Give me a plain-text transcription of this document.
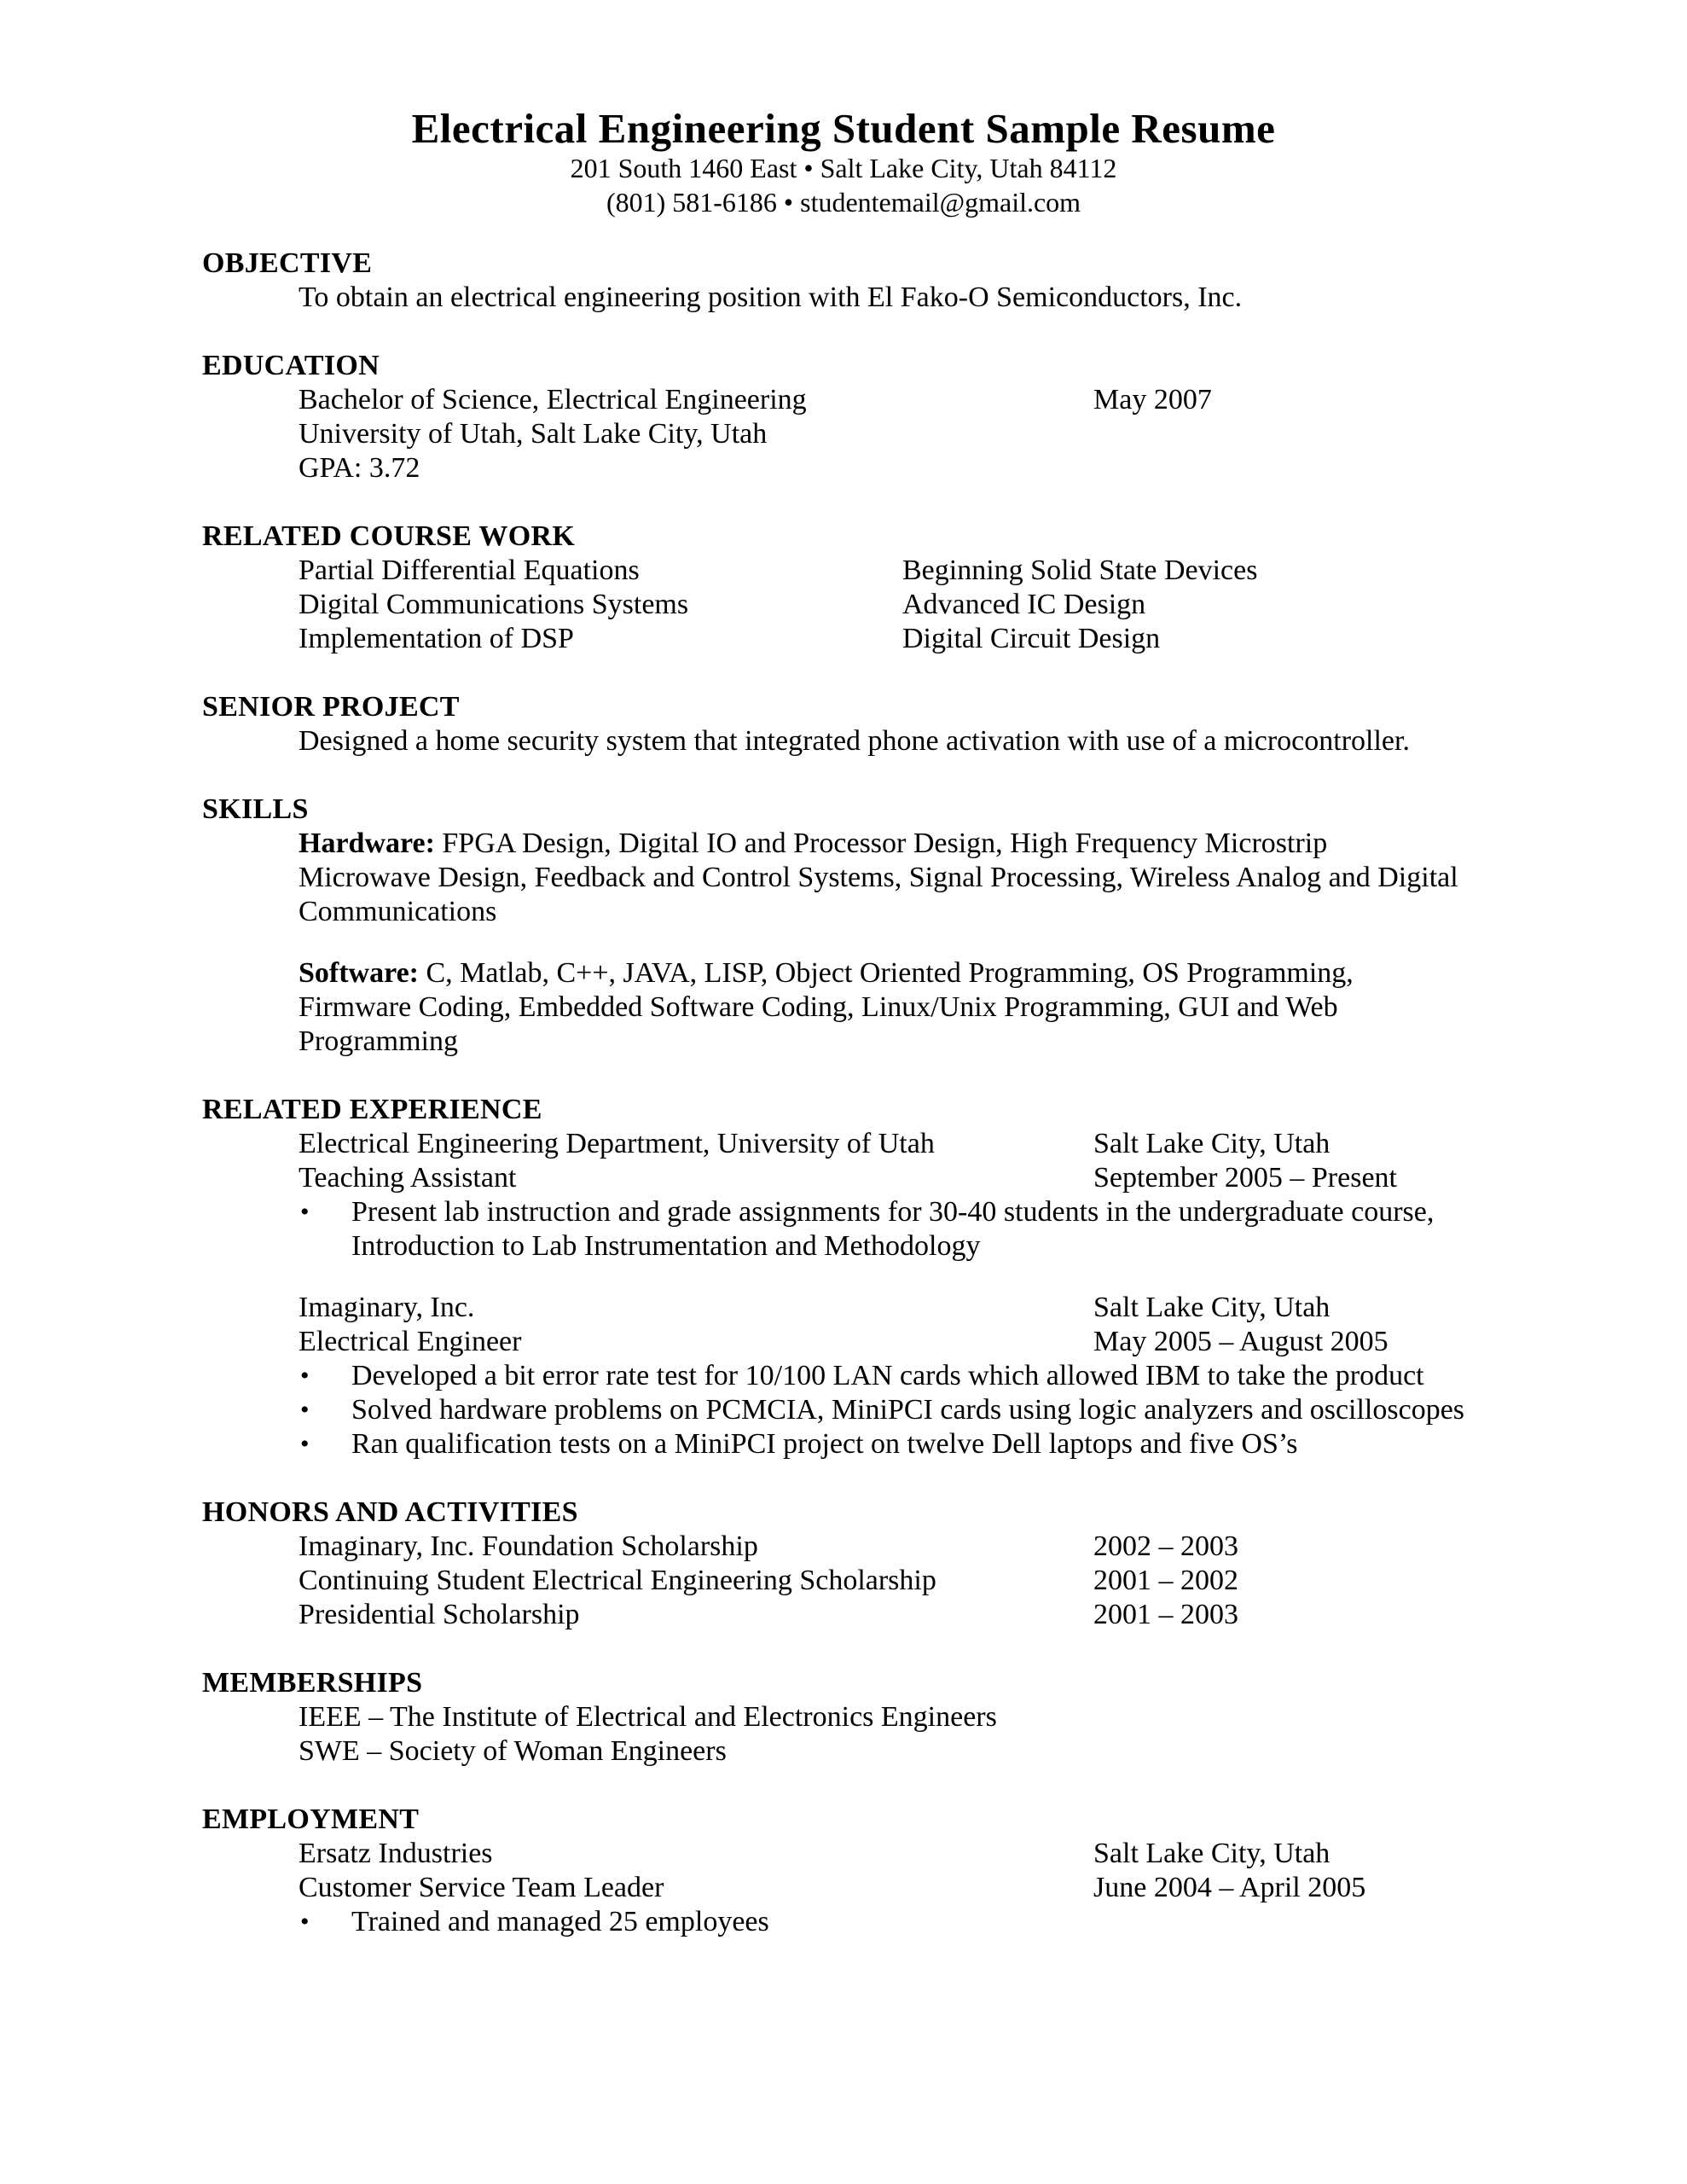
Electrical Engineering Student Sample Resume
201 South 1460 East • Salt Lake City, Utah 84112
(801) 581-6186 • studentemail@gmail.com
OBJECTIVE
To obtain an electrical engineering position with El Fako-O Semiconductors, Inc.
EDUCATION
Bachelor of Science, Electrical Engineering	May 2007
University of Utah, Salt Lake City, Utah
GPA: 3.72
RELATED COURSE WORK
Partial Differential Equations	Beginning Solid State Devices
Digital Communications Systems	Advanced IC Design
Implementation of DSP	Digital Circuit Design
SENIOR PROJECT
Designed a home security system that integrated phone activation with use of a microcontroller.
SKILLS
Hardware: FPGA Design, Digital IO and Processor Design, High Frequency Microstrip Microwave Design, Feedback and Control Systems, Signal Processing, Wireless Analog and Digital Communications
Software: C, Matlab, C++, JAVA, LISP, Object Oriented Programming, OS Programming, Firmware Coding, Embedded Software Coding, Linux/Unix Programming, GUI and Web Programming
RELATED EXPERIENCE
Electrical Engineering Department, University of Utah	Salt Lake City, Utah
Teaching Assistant	September 2005 – Present
• Present lab instruction and grade assignments for 30-40 students in the undergraduate course, Introduction to Lab Instrumentation and Methodology
Imaginary, Inc.	Salt Lake City, Utah
Electrical Engineer	May 2005 – August 2005
• Developed a bit error rate test for 10/100 LAN cards which allowed IBM to take the product
• Solved hardware problems on PCMCIA, MiniPCI cards using logic analyzers and oscilloscopes
• Ran qualification tests on a MiniPCI project on twelve Dell laptops and five OS’s
HONORS AND ACTIVITIES
Imaginary, Inc. Foundation Scholarship	2002 – 2003
Continuing Student Electrical Engineering Scholarship	2001 – 2002
Presidential Scholarship	2001 – 2003
MEMBERSHIPS
IEEE – The Institute of Electrical and Electronics Engineers
SWE – Society of Woman Engineers
EMPLOYMENT
Ersatz Industries	Salt Lake City, Utah
Customer Service Team Leader	June 2004 – April 2005
• Trained and managed 25 employees
